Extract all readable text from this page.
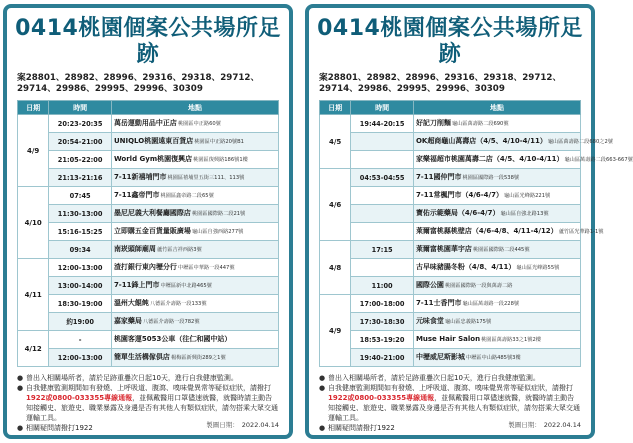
0414桃園個案公共場所足跡
案28801、28982、28996、29316、29318、29712、29714、29986、29995、29996、30309
日期	時間	地點
4/9	20:23-20:35	萬岳運動用品中正店桃園區中正路60號
	20:54-21:00	UNIQLO桃園遠東百貨店桃園區中正路20號B1
	21:05-22:00	World Gym桃園復興店桃園區復興路186號1樓
	21:13-21:16	7-11新禧埔門市桃園區禧埔里五街三111、113號
4/10	07:45	7-11鑫帝門市桃園區鑫帝路二段65號
	11:30-13:00	墨尼尼義大利餐廳國際店桃園區國際路二段21號
	15:16-15:25	立即購五金百貨量販廣場龜山區自強西路277號
	09:34	南崁頭師廟周蘆竹區吉祥西路3號
4/11	12:00-13:00	渣打銀行東內壢分行中壢區中華路一段447號
	13:00-14:00	7-11鋒上門市中壢區新中北路465號
	18:30-19:00	溫州大餛飩八德區介壽路一段133號
	約19:00	嘉家藥局八德區介壽路一段782號
4/12	-	桃園客運5053公車（往仁和國中站）
	12:00-13:00	簡單生活構傢俱店楊梅區新興街289之1號
● 曾出入相關場所者，請於足跡重疊次日起10天，進行自我健康監測。
● 自我健康監測期間如有發燒、上呼吸道、腹瀉、嗅味覺異常等疑似症狀，請撥打1922或0800-033355專線通報，並佩戴醫用口罩儘速就醫，就醫時請主動告知接觸史、旅遊史、職業暴露及身邊是否有其他人有類似症狀，請勿搭乘大眾交通運輸工具。
● 相關疑問請撥打1922	製圖日期： 2022.04.14
0414桃園個案公共場所足跡
案28801、28982、28996、29316、29318、29712、29714、29986、29995、29996、30309
日期	時間	地點
4/5	19:44-20:15	好記刀削麵龜山區萬壽路二段690號
		OK超商龜山萬壽店（4/5、4/10-4/11）龜山區萬壽路二段680之2號
		家樂福超市桃園萬壽二店（4/5、4/10-4/11）龜山區萬壽路二段663-667號
4/6	04:53-04:55	7-11國仲門市桃園區國際路一段538號
		7-11常楓門市（4/6-4/7）龜山區光峰路221號
		寶佑示範藥局（4/6-4/7）龜山區自強北路13號
		萊爾富桃縣桃壁店（4/6-4/8、4/11-4/12）蘆竹區光華路1-1號
4/8	17:15	萊爾富桃園華宇店桃園區國際路二段445號
		古早味豬腸冬粉（4/8、4/11）龜山區光峰路55號
	11:00	國際公園桃園區國際路一段與萬壽二路
4/9	17:00-18:00	7-11士香門市龜山區萬壽路一段228號
	17:30-18:30	元味食堂龜山區忠義路175號
	18:53-19:20	Muse Hair Salon桃園區萬壽路33之1號2樓
	19:40-21:00	中壢威尼斯影城中壢區中山路485號3樓
● 曾出入相關場所者，請於足跡重疊次日起10天，進行自我健康監測。
● 自我健康監測期間如有發燒、上呼吸道、腹瀉、嗅味覺異常等疑似症狀，請撥打1922或0800-033355專線通報，並佩戴醫用口罩儘速就醫，就醫時請主動告知接觸史、旅遊史、職業暴露及身邊是否有其他人有類似症狀，請勿搭乘大眾交通運輸工具。
● 相關疑問請撥打1922	製圖日期： 2022.04.14
